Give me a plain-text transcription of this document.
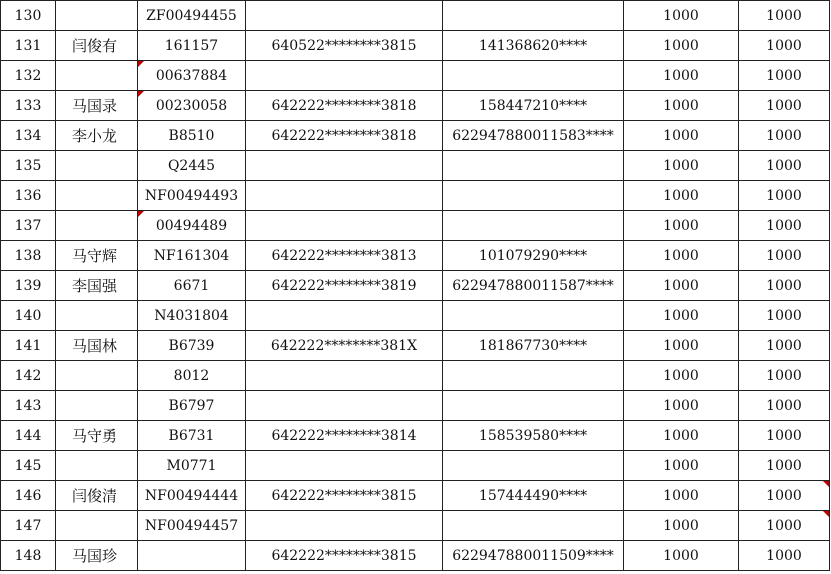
130		ZF00494455			1000	1000
131	闫俊有	161157	640522********3815	141368620****	1000	1000
132		00637884			1000	1000
133	马国录	00230058	642222********3818	158447210****	1000	1000
134	李小龙	B8510	642222********3818	622947880011583****	1000	1000
135		Q2445			1000	1000
136		NF00494493			1000	1000
137		00494489			1000	1000
138	马守辉	NF161304	642222********3813	101079290****	1000	1000
139	李国强	6671	642222********3819	622947880011587****	1000	1000
140		N4031804			1000	1000
141	马国林	B6739	642222********381X	181867730****	1000	1000
142		8012			1000	1000
143		B6797			1000	1000
144	马守勇	B6731	642222********3814	158539580****	1000	1000
145		M0771			1000	1000
146	闫俊清	NF00494444	642222********3815	157444490****	1000	1000

147		NF00494457			1000	1000

148	马国珍		642222********3815	622947880011509****	1000	1000
